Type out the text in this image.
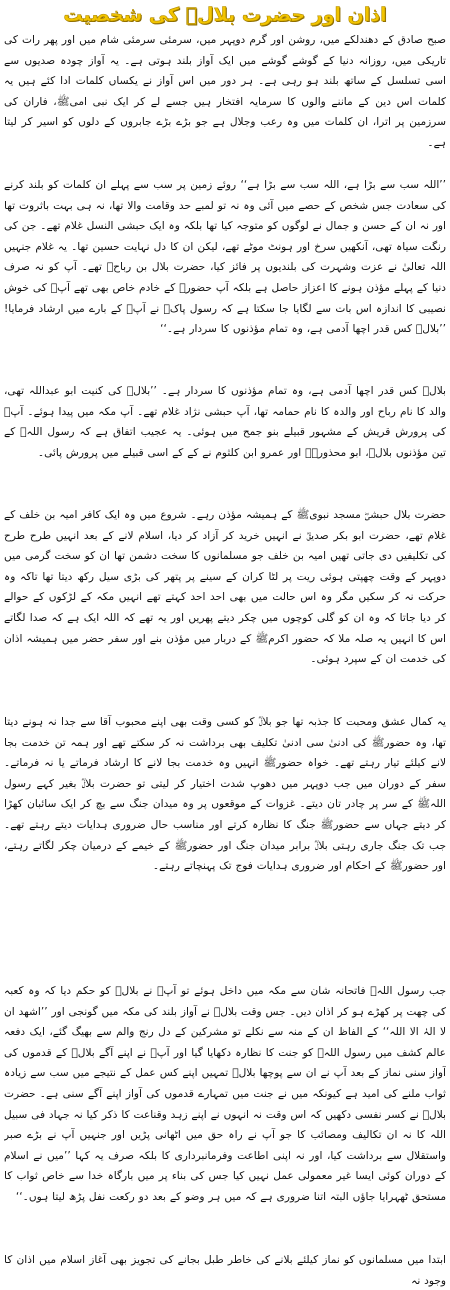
اذان اور حضرت بلالؓ کی شخصیت

صبح صادق کے دھندلکے میں، روشن اور گرم دوپہر میں، سرمئی سرمئی شام میں اور پھر رات کی تاریکی میں، روزانہ دنیا کے گوشے گوشے میں ایک آواز بلند ہوتی ہے۔ یہ آواز چودہ صدیوں سے اسی تسلسل کے ساتھ بلند ہو رہی ہے۔ ہر دور میں اس آواز نے یکساں کلمات ادا کئے ہیں یہ کلمات اس دین کے ماننے والوں کا سرمایہ افتخار ہیں جسے لے کر ایک نبی امیﷺ، فاران کی سرزمین پر اترا، ان کلمات میں وہ رعب وجلال ہے جو بڑے بڑے جابروں کے دلوں کو اسیر کر لیتا ہے۔

’’اللہ سب سے بڑا ہے، اللہ سب سے بڑا ہے‘‘ روئے زمین پر سب سے پہلے ان کلمات کو بلند کرنے کی سعادت جس شخص کے حصے میں آئی وہ نہ تو لمبے حد وقامت والا تھا، نہ ہی بہت باثروت تھا اور نہ ان کے حسن و جمال نے لوگوں کو متوجہ کیا تھا بلکہ وہ ایک حبشی النسل غلام تھے۔ جن کی رنگت سیاہ تھی، آنکھیں سرخ اور ہونٹ موٹے تھے، لیکن ان کا دل نہایت حسین تھا۔ یہ غلام جنہیں اللہ تعالیٰ نے عزت وشہرت کی بلندیوں پر فائز کیا، حضرت بلال بن رباحؓ تھے۔ آپ کو نہ صرف دنیا کے پہلے مؤذن ہونے کا اعزاز حاصل ہے بلکہ آپ حضورﷺ کے خادم خاص بھی تھے آپؓ کی خوش نصیبی کا اندازہ اس بات سے لگایا جا سکتا ہے کہ رسول پاکﷺ نے آپؓ کے بارے میں ارشاد فرمایا! ’’بلالؓ کس قدر اچھا آدمی ہے، وہ تمام مؤذنوں کا سردار ہے۔‘‘

بلالؓ کس قدر اچھا آدمی ہے، وہ تمام مؤذنوں کا سردار ہے۔ ’’بلالؓ کی کنیت ابو عبداللہ تھی، والد کا نام رباح اور والدہ کا نام حمامہ تھا، آپ حبشی نژاد غلام تھے۔ آپ مکہ میں پیدا ہوئے۔ آپؓ کی پرورش قریش کے مشہور قبیلے بنو جمح میں ہوئی۔ یہ عجیب اتفاق ہے کہ رسول اللہﷺ کے تین مؤذنوں بلالؓ، ابو محذورہؓ اور عمرو ابن کلثوم نے کے کے اسی قبیلے میں پرورش پائی۔

حضرت بلال حبشیؓ مسجد نبویﷺ کے ہمیشہ مؤذن رہے۔ شروع میں وہ ایک کافر امیہ بن خلف کے غلام تھے، حضرت ابو بکر صدیقؓ نے انہیں خرید کر آزاد کر دیا، اسلام لانے کے بعد انہیں طرح طرح کی تکلیفیں دی جاتی تھیں امیہ بن خلف جو مسلمانوں کا سخت دشمن تھا ان کو سخت گرمی میں دوپہر کے وقت چھپتی ہوئی ریت پر لٹا کران کے سینے پر پتھر کی بڑی سیل رکھ دیتا تھا تاکہ وہ حرکت نہ کر سکیں مگر وہ اس حالت میں بھی احد احد کہتے تھے انہیں مکہ کے لڑکوں کے حوالے کر دیا جاتا کہ وہ ان کو گلی کوچوں میں چکر دیتے پھریں اور یہ تھے کہ اللہ ایک ہے کہ صدا لگاتے اس کا انہیں یہ صلہ ملا کہ حضور اکرمﷺ کے دربار میں مؤذن بنے اور سفر حضر میں ہمیشہ اذان کی خدمت ان کے سپرد ہوئی۔

یہ کمال عشق ومحبت کا جذبہ تھا جو بلالؓ کو کسی وقت بھی اپنے محبوب آقا سے جدا نہ ہونے دیتا تھا، وہ حضورﷺ کی ادنیٰ سی ادنیٰ تکلیف بھی برداشت نہ کر سکتے تھے اور ہمہ تن خدمت بجا لانے کیلئے تیار رہتے تھے۔ خواہ حضورﷺ انہیں وہ خدمت بجا لانے کا ارشاد فرماتے یا نہ فرماتے۔ سفر کے دوران میں جب دوپہر میں دھوپ شدت اختیار کر لیتی تو حضرت بلالؓ بغیر کہے رسول اللہﷺ کے سر پر چادر تان دیتے۔ غزوات کے موقعوں پر وہ میدان جنگ سے بچ کر ایک سائبان کھڑا کر دیتے جہاں سے حضورﷺ جنگ کا نظارہ کرتے اور مناسب حال ضروری ہدایات دیتے رہتے تھے۔ جب تک جنگ جاری رہتی بلالؓ برابر میدان جنگ اور حضورﷺ کے خیمے کے درمیان چکر لگاتے رہتے، اور حضورﷺ کے احکام اور ضروری ہدایات فوج تک پہنچاتے رہتے۔

جب رسول اللہﷺ فاتحانہ شان سے مکہ میں داخل ہوئے تو آپﷺ نے بلالؓ کو حکم دیا کہ وہ کعبہ کی چھت پر کھڑے ہو کر اذان دیں۔ جس وقت بلالؓ نے آواز بلند کی مکہ میں گونجی اور ’’اشھد ان لا الہٰ الا اللہ‘‘ کے الفاظ ان کے منہ سے نکلے تو مشرکین کے دل رنج والم سے بھیگ گئے، ایک دفعہ عالم کشف میں رسول اللہﷺ کو جنت کا نظارہ دکھایا گیا اور آپﷺ نے اپنے آگے بلالؓ کے قدموں کی آواز سنی نماز کے بعد آپ نے ان سے پوچھا بلالؓ تمہیں اپنے کس عمل کے نتیجے میں سب سے زیادہ ثواب ملنے کی امید ہے کیونکہ میں نے جنت میں تمہارے قدموں کی آواز اپنے آگے سنی ہے۔ حضرت بلالؓ نے کسر نفسی دکھیں کہ اس وقت نہ انہوں نے اپنے زہد وقناعت کا ذکر کیا نہ جہاد فی سبیل اللہ کا نہ ان تکالیف ومصائب کا جو آپ نے راہ حق میں اٹھانی پڑیں اور جنہیں آپ نے بڑے صبر واستقلال سے برداشت کیا، اور نہ اپنی اطاعت وفرمانبرداری کا بلکہ صرف یہ کہا ’’میں نے اسلام کے دوران کوئی ایسا غیر معمولی عمل نہیں کیا جس کی بناء پر میں بارگاہ خدا سے خاص ثواب کا مستحق ٹھہرایا جاؤں البتہ اتنا ضروری ہے کہ میں ہر وضو کے بعد دو رکعت نفل پڑھ لیتا ہوں۔‘‘

ابتدا میں مسلمانوں کو نماز کیلئے بلانے کی خاطر طبل بجانے کی تجویز بھی آغاز اسلام میں اذان کا وجود نہ
